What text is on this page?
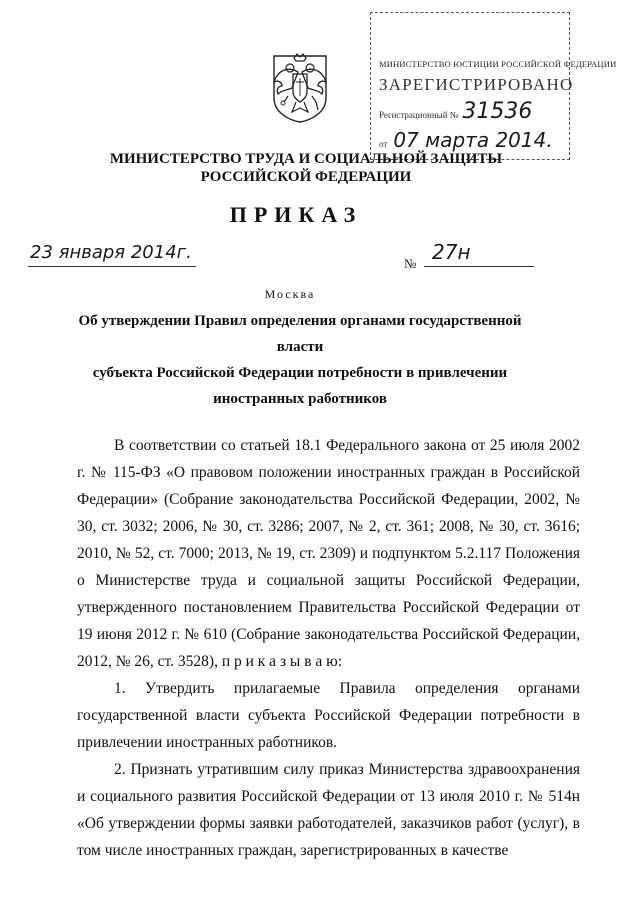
МИНИСТЕРСТВО ЮСТИЦИИ РОССИЙСКОЙ ФЕДЕРАЦИИ
ЗАРЕГИСТРИРОВАНО
Регистрационный № 31536
от 07 марта 2014.
МИНИСТЕРСТВО ТРУДА И СОЦИАЛЬНОЙ ЗАЩИТЫ
РОССИЙСКОЙ ФЕДЕРАЦИИ
ПРИКАЗ
23 января 2014г.
№ 27н
Москва
Об утверждении Правил определения органами государственной власти
субъекта Российской Федерации потребности в привлечении
иностранных работников

В соответствии со статьей 18.1 Федерального закона от 25 июля 2002 г. № 115-ФЗ «О правовом положении иностранных граждан в Российской Федерации» (Собрание законодательства Российской Федерации, 2002, № 30, ст. 3032; 2006, № 30, ст. 3286; 2007, № 2, ст. 361; 2008, № 30, ст. 3616; 2010, № 52, ст. 7000; 2013, № 19, ст. 2309) и подпунктом 5.2.117 Положения о Министерстве труда и социальной защиты Российской Федерации, утвержденного постановлением Правительства Российской Федерации от 19 июня 2012 г. № 610 (Собрание законодательства Российской Федерации, 2012, № 26, ст. 3528), п р и к а з ы в а ю:

1. Утвердить прилагаемые Правила определения органами государственной власти субъекта Российской Федерации потребности в привлечении иностранных работников.

2. Признать утратившим силу приказ Министерства здравоохранения и социального развития Российской Федерации от 13 июля 2010 г. № 514н «Об утверждении формы заявки работодателей, заказчиков работ (услуг), в том числе иностранных граждан, зарегистрированных в качестве
